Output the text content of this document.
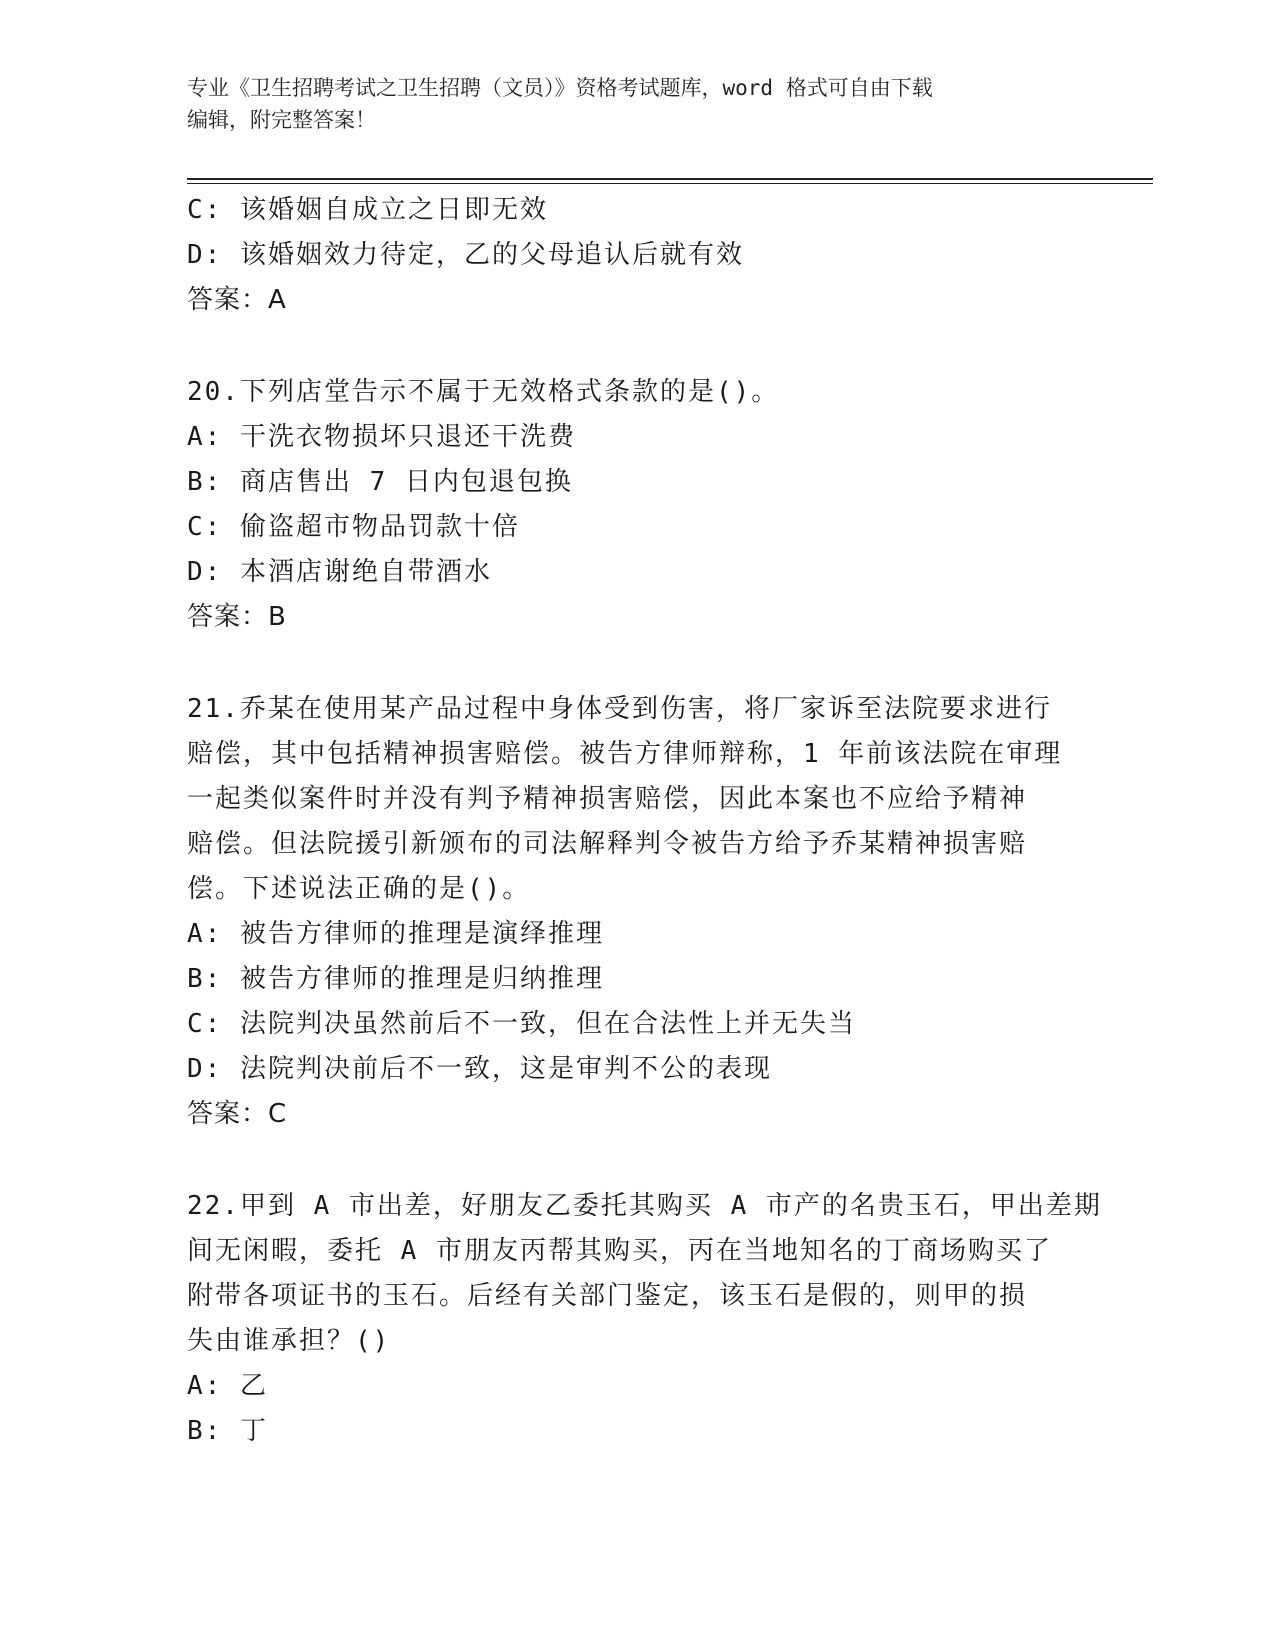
专业《卫生招聘考试之卫生招聘（文员）》资格考试题库，word 格式可自由下载
编辑，附完整答案！
C: 该婚姻自成立之日即无效
D: 该婚姻效力待定，乙的父母追认后就有效
答案：A
20.下列店堂告示不属于无效格式条款的是()。
A: 干洗衣物损坏只退还干洗费
B: 商店售出 7 日内包退包换
C: 偷盗超市物品罚款十倍
D: 本酒店谢绝自带酒水
答案：B
21.乔某在使用某产品过程中身体受到伤害，将厂家诉至法院要求进行
赔偿，其中包括精神损害赔偿。被告方律师辩称，1 年前该法院在审理
一起类似案件时并没有判予精神损害赔偿，因此本案也不应给予精神
赔偿。但法院援引新颁布的司法解释判令被告方给予乔某精神损害赔
偿。下述说法正确的是()。
A: 被告方律师的推理是演绎推理
B: 被告方律师的推理是归纳推理
C: 法院判决虽然前后不一致，但在合法性上并无失当
D: 法院判决前后不一致，这是审判不公的表现
答案：C
22.甲到 A 市出差，好朋友乙委托其购买 A 市产的名贵玉石，甲出差期
间无闲暇，委托 A 市朋友丙帮其购买，丙在当地知名的丁商场购买了
附带各项证书的玉石。后经有关部门鉴定，该玉石是假的，则甲的损
失由谁承担？()
A: 乙
B: 丁
